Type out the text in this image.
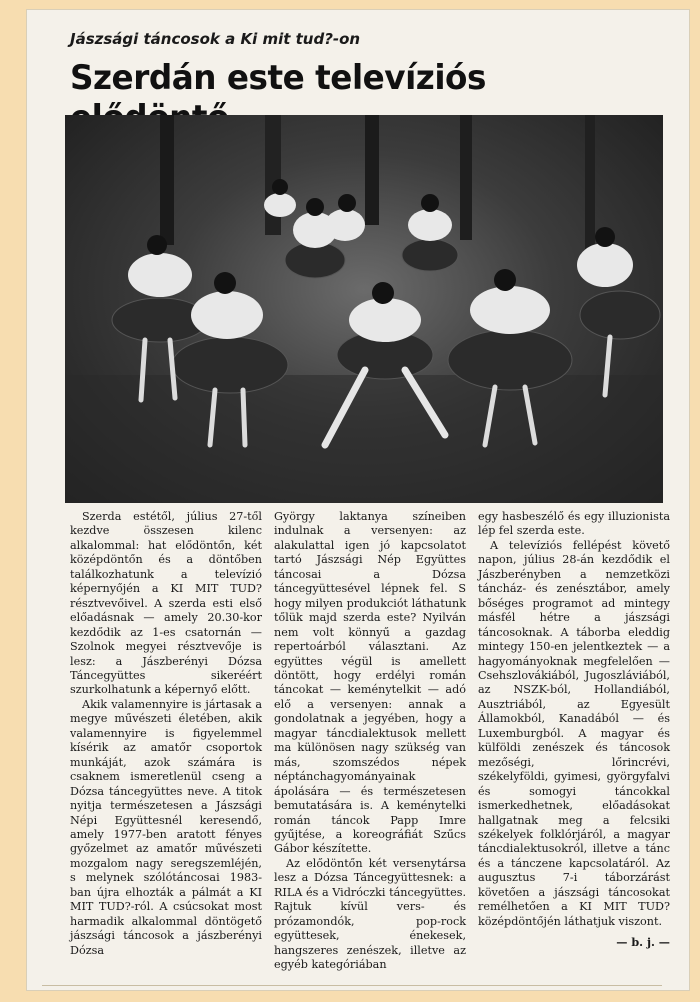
Jászsági táncosok a Ki mit tud?-on
Szerdán este televíziós

Szerda estétől, július 27-től kezdve összesen kilenc alkalommal: hat elődöntőn, két középdöntőn és a döntőben találkozhatunk a televízió képernyőjén a KI MIT TUD? résztvevőivel. A szerda esti első előadásnak — amely 20.30-kor kezdődik az 1-es csatornán — Szolnok megyei résztvevője is lesz: a Jászberényi Dózsa Táncegyüttes sikeréért szurkolhatunk a képernyő előtt.

Akik valamennyire is jártasak a megye művészeti életében, akik valamennyire is figyelemmel kísérik az amatőr csoportok munkáját, azok számára is csaknem ismeretlenül cseng a Dózsa táncegyüttes neve. A titok nyitja természetesen a Jászsági Népi Együttesnél keresendő, amely 1977-ben aratott fényes győzelmet az amatőr művészeti mozgalom nagy seregszemléjén, s melynek szólótáncosai 1983-ban újra elhozták a pálmát a KI MIT TUD?-ról. A csúcsokat most harmadik alkalommal döntögető jászsági táncosok a jászberényi Dózsa

György laktanya színeiben indulnak a versenyen: az alakulattal igen jó kapcsolatot tartó Jászsági Nép Együttes táncosai a Dózsa táncegyüttesével lépnek fel. S hogy milyen produkciót láthatunk tőlük majd szerda este? Nyilván nem volt könnyű a gazdag repertoárból választani. Az együttes végül is amellett döntött, hogy erdélyi román táncokat — keménytelkit — adó elő a versenyen: annak a gondolatnak a jegyében, hogy a magyar táncdialektusok mellett ma különösen nagy szükség van más, szomszédos népek néptánchagyományainak ápolására — és természetesen bemutatására is. A keménytelki román táncok Papp Imre gyűjtése, a koreográfiát Szűcs Gábor készítette.

Az elődöntőn két versenytársa lesz a Dózsa Táncegyüttesnek: a RILA és a Vidróczki táncegyüttes. Rajtuk kívül vers- és prózamondók, pop-rock együttesek, énekesek, hangszeres zenészek, illetve az egyéb kategóriában

egy hasbeszélő és egy illuzionista lép fel szerda este.

A televíziós fellépést követő napon, július 28-án kezdődik el Jászberényben a nemzetközi táncház- és zenésztábor, amely bőséges programot ad mintegy másfél hétre a jászsági táncosoknak. A táborba eleddig mintegy 150-en jelentkeztek — a hagyományoknak megfelelően — Csehszlovákiából, Jugoszláviából, az NSZK-ból, Hollandiából, Ausztriából, az Egyesült Államokból, Kanadából — és Luxemburgból. A magyar és külföldi zenészek és táncosok mezőségi, lőrincrévi, székelyföldi, gyimesi, györgyfalvi és somogyi táncokkal ismerkedhetnek, előadásokat hallgatnak meg a felcsiki székelyek folklórjáról, a magyar táncdialektusokról, illetve a tánc és a tánczene kapcsolatáról. Az augusztus 7-i táborzárást követően a jászsági táncosokat remélhetően a KI MIT TUD? középdöntőjén láthatjuk viszont.

— b. j. —
